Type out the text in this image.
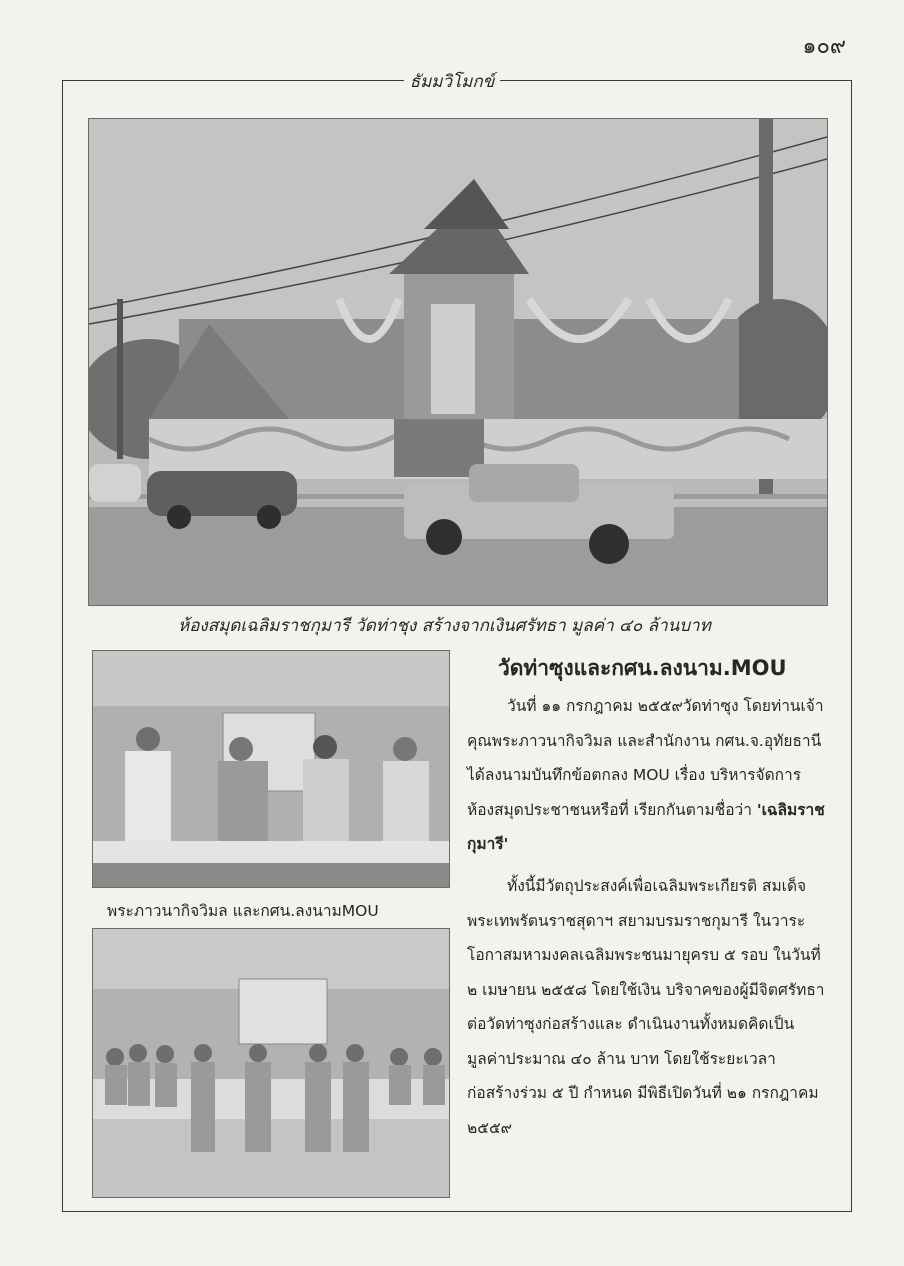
๑๐๙
ธัมมวิโมกข์
ห้องสมุดเฉลิมราชกุมารี วัดท่าชุง สร้างจากเงินศรัทธา มูลค่า ๔๐ ล้านบาท
พระภาวนากิจวิมล และกศน.ลงนามMOU
วัดท่าซุงและกศน.ลงนาม.MOU
วันที่ ๑๑ กรกฎาคม ๒๕๕๙วัดท่าซุง โดยท่านเจ้าคุณพระภาวนากิจวิมล และสำนักงาน กศน.จ.อุทัยธานี ได้ลงนามบันทึกข้อตกลง MOU เรื่อง บริหารจัดการห้องสมุดประชาชนหรือที่ เรียกกันตามชื่อว่า 'เฉลิมราชกุมารี'
ทั้งนี้มีวัตถุประสงค์เพื่อเฉลิมพระเกียรติ สมเด็จพระเทพรัตนราชสุดาฯ สยามบรมราชกุมารี ในวาระโอกาสมหามงคลเฉลิมพระชนมายุครบ ๕ รอบ ในวันที่ ๒ เมษายน ๒๕๕๘ โดยใช้เงิน บริจาคของผู้มีจิตศรัทธาต่อวัดท่าซุงก่อสร้างและ ดำเนินงานทั้งหมดคิดเป็นมูลค่าประมาณ ๔๐ ล้าน บาท โดยใช้ระยะเวลาก่อสร้างร่วม ๕ ปี กำหนด มีพิธีเปิดวันที่ ๒๑ กรกฎาคม ๒๕๕๙
